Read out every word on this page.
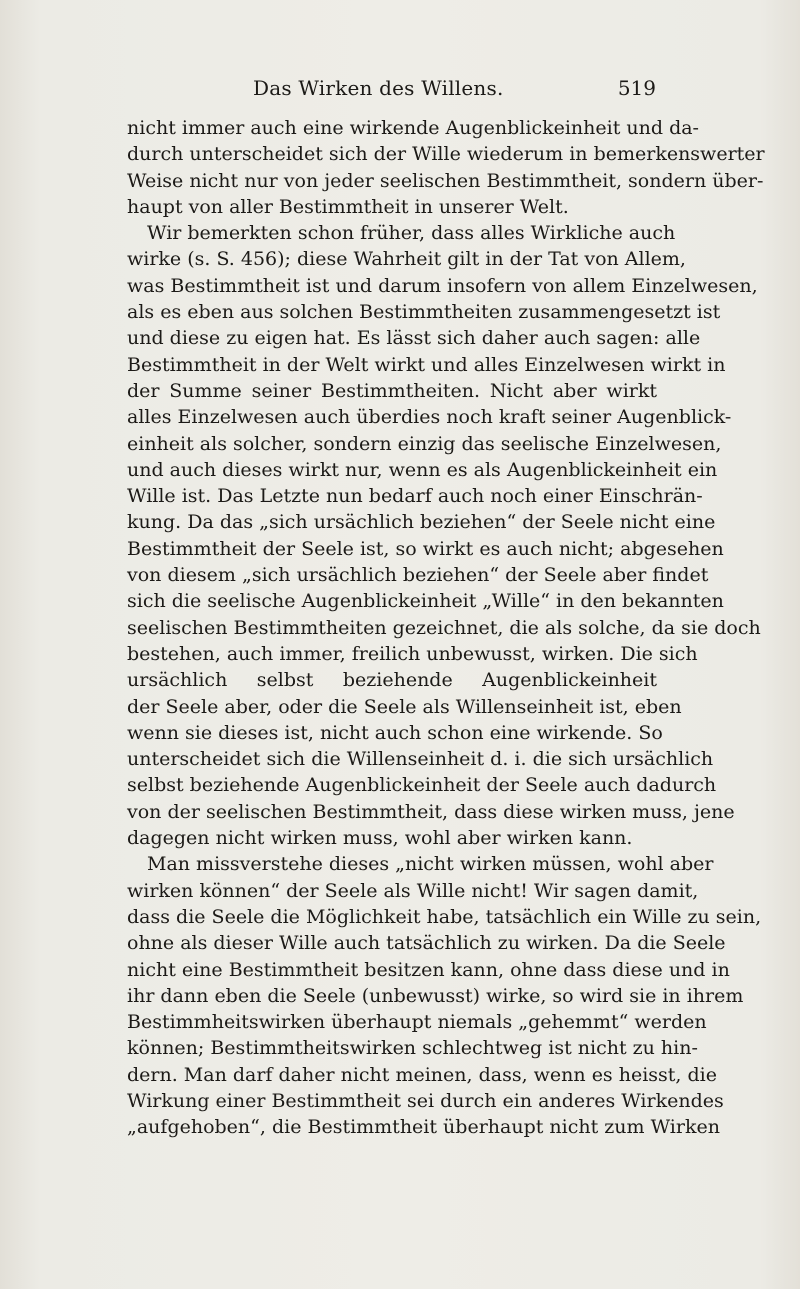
Das Wirken des Willens.	519
nicht immer auch eine wirkende Augenblickeinheit und da-
durch unterscheidet sich der Wille wiederum in bemerkenswerter
Weise nicht nur von jeder seelischen Bestimmtheit, sondern über-
haupt von aller Bestimmtheit in unserer Welt.
Wir bemerkten schon früher, dass alles Wirkliche auch
wirke (s. S. 456); diese Wahrheit gilt in der Tat von Allem,
was Bestimmtheit ist und darum insofern von allem Einzelwesen,
als es eben aus solchen Bestimmtheiten zusammengesetzt ist
und diese zu eigen hat. Es lässt sich daher auch sagen: alle
Bestimmtheit in der Welt wirkt und alles Einzelwesen wirkt in
der Summe seiner Bestimmtheiten. Nicht aber wirkt
alles Einzelwesen auch überdies noch kraft seiner Augenblick-
einheit als solcher, sondern einzig das seelische Einzelwesen,
und auch dieses wirkt nur, wenn es als Augenblickeinheit ein
Wille ist. Das Letzte nun bedarf auch noch einer Einschrän-
kung. Da das „sich ursächlich beziehen“ der Seele nicht eine
Bestimmtheit der Seele ist, so wirkt es auch nicht; abgesehen
von diesem „sich ursächlich beziehen“ der Seele aber findet
sich die seelische Augenblickeinheit „Wille“ in den bekannten
seelischen Bestimmtheiten gezeichnet, die als solche, da sie doch
bestehen, auch immer, freilich unbewusst, wirken. Die sich
ursächlich selbst beziehende Augenblickeinheit
der Seele aber, oder die Seele als Willenseinheit ist, eben
wenn sie dieses ist, nicht auch schon eine wirkende. So
unterscheidet sich die Willenseinheit d. i. die sich ursächlich
selbst beziehende Augenblickeinheit der Seele auch dadurch
von der seelischen Bestimmtheit, dass diese wirken muss, jene
dagegen nicht wirken muss, wohl aber wirken kann.
Man missverstehe dieses „nicht wirken müssen, wohl aber
wirken können“ der Seele als Wille nicht! Wir sagen damit,
dass die Seele die Möglichkeit habe, tatsächlich ein Wille zu sein,
ohne als dieser Wille auch tatsächlich zu wirken. Da die Seele
nicht eine Bestimmtheit besitzen kann, ohne dass diese und in
ihr dann eben die Seele (unbewusst) wirke, so wird sie in ihrem
Bestimmheitswirken überhaupt niemals „gehemmt“ werden
können; Bestimmtheitswirken schlechtweg ist nicht zu hin-
dern. Man darf daher nicht meinen, dass, wenn es heisst, die
Wirkung einer Bestimmtheit sei durch ein anderes Wirkendes
„aufgehoben“, die Bestimmtheit überhaupt nicht zum Wirken
